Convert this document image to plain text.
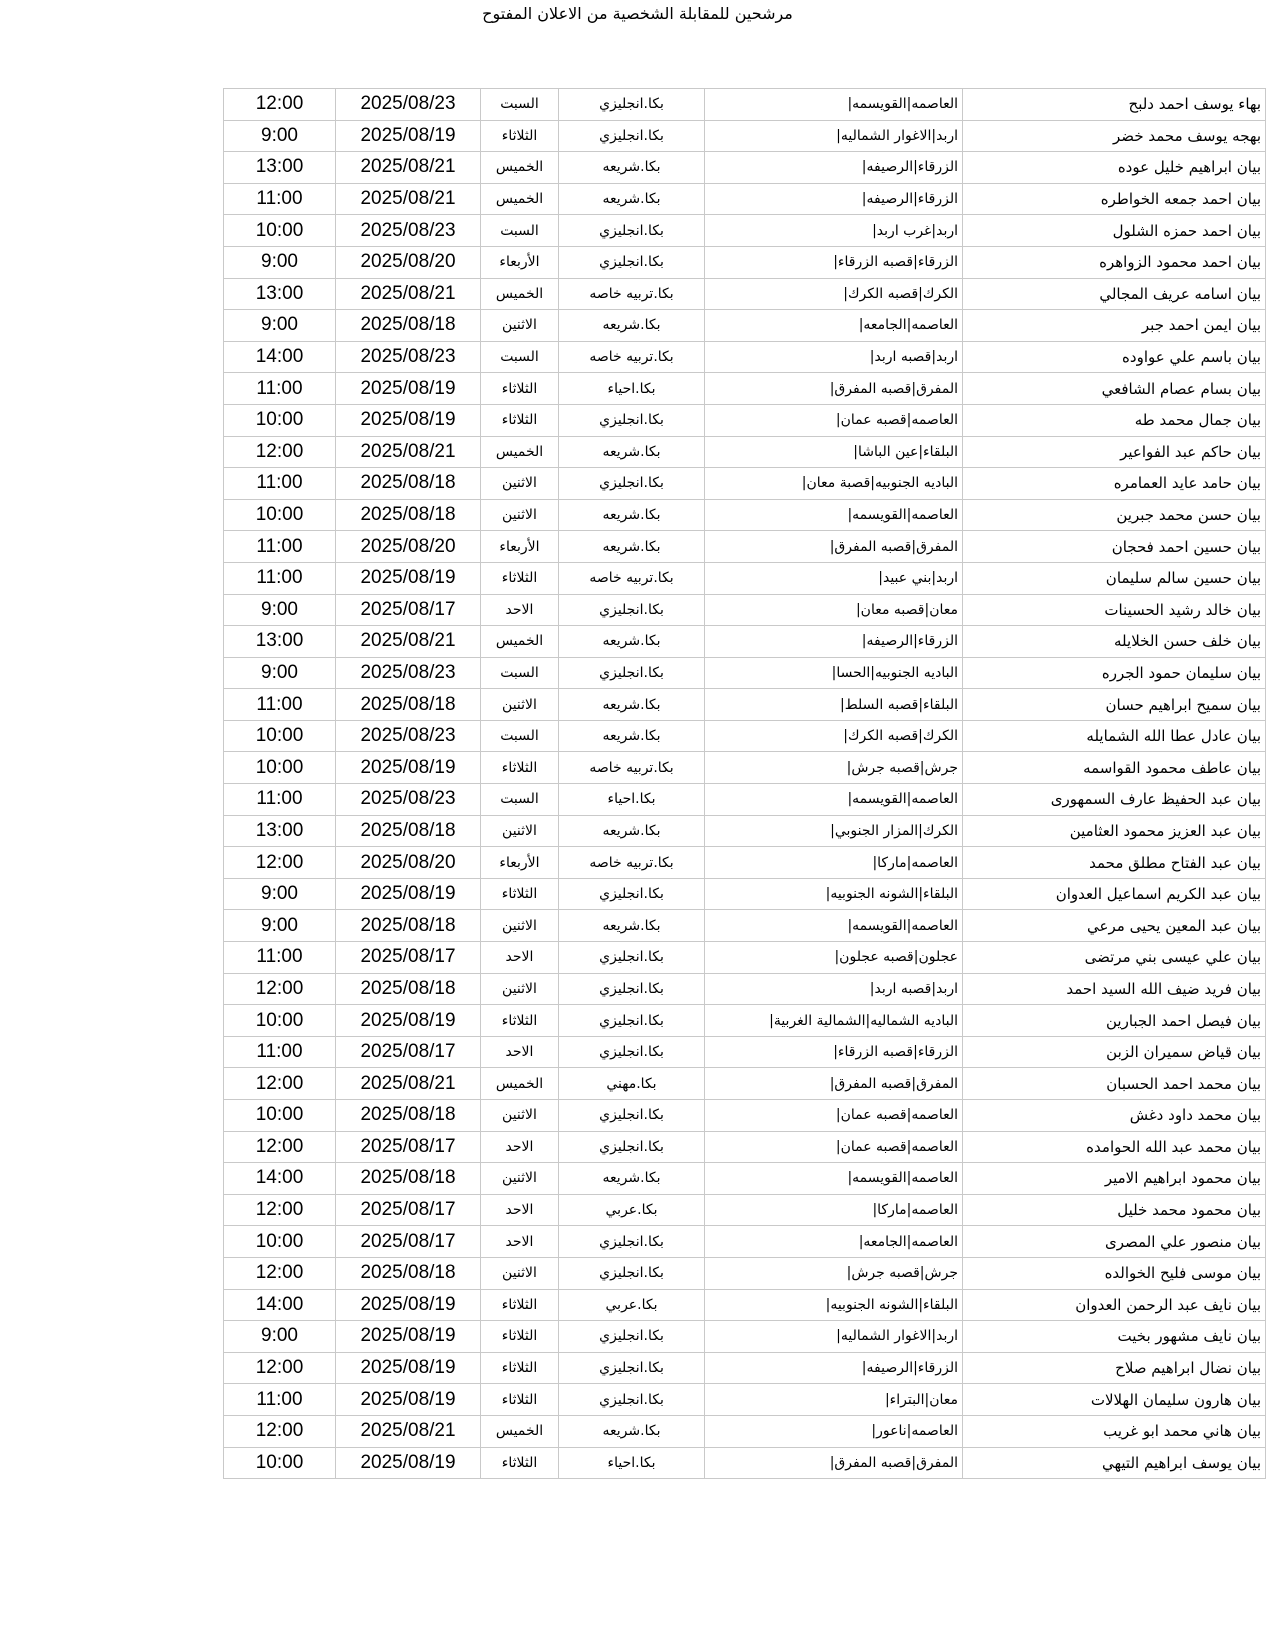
مرشحين للمقابلة الشخصية من الاعلان المفتوح
12:00	2025/08/23	السبت	بكا.انجليزي	العاصمه|القويسمه|	بهاء يوسف احمد دلبح
9:00	2025/08/19	الثلاثاء	بكا.انجليزي	اربد|الاغوار الشماليه|	بهجه يوسف محمد خضر
13:00	2025/08/21	الخميس	بكا.شريعه	الزرقاء|الرصيفه|	بيان ابراهيم خليل عوده
11:00	2025/08/21	الخميس	بكا.شريعه	الزرقاء|الرصيفه|	بيان احمد جمعه الخواطره
10:00	2025/08/23	السبت	بكا.انجليزي	اربد|غرب اربد|	بيان احمد حمزه الشلول
9:00	2025/08/20	الأربعاء	بكا.انجليزي	الزرقاء|قصبه الزرقاء|	بيان احمد محمود الزواهره
13:00	2025/08/21	الخميس	بكا.تربيه خاصه	الكرك|قصبه الكرك|	بيان اسامه عريف المجالي
9:00	2025/08/18	الاثنين	بكا.شريعه	العاصمه|الجامعه|	بيان ايمن احمد جبر
14:00	2025/08/23	السبت	بكا.تربيه خاصه	اربد|قصبه اربد|	بيان باسم علي عواوده
11:00	2025/08/19	الثلاثاء	بكا.احياء	المفرق|قصبه المفرق|	بيان بسام عصام الشافعي
10:00	2025/08/19	الثلاثاء	بكا.انجليزي	العاصمه|قصبه عمان|	بيان جمال محمد طه
12:00	2025/08/21	الخميس	بكا.شريعه	البلقاء|عين الباشا|	بيان حاكم عبد الفواعير
11:00	2025/08/18	الاثنين	بكا.انجليزي	الباديه الجنوبيه|قصبة معان|	بيان حامد عايد العمامره
10:00	2025/08/18	الاثنين	بكا.شريعه	العاصمه|القويسمه|	بيان حسن محمد جبرين
11:00	2025/08/20	الأربعاء	بكا.شريعه	المفرق|قصبه المفرق|	بيان حسين احمد فحجان
11:00	2025/08/19	الثلاثاء	بكا.تربيه خاصه	اربد|بني عبيد|	بيان حسين سالم سليمان
9:00	2025/08/17	الاحد	بكا.انجليزي	معان|قصبه معان|	بيان خالد رشيد الحسينات
13:00	2025/08/21	الخميس	بكا.شريعه	الزرقاء|الرصيفه|	بيان خلف حسن الخلايله
9:00	2025/08/23	السبت	بكا.انجليزي	الباديه الجنوبيه|الحسا|	بيان سليمان حمود الجرره
11:00	2025/08/18	الاثنين	بكا.شريعه	البلقاء|قصبه السلط|	بيان سميح ابراهيم حسان
10:00	2025/08/23	السبت	بكا.شريعه	الكرك|قصبه الكرك|	بيان عادل عطا الله الشمايله
10:00	2025/08/19	الثلاثاء	بكا.تربيه خاصه	جرش|قصبه جرش|	بيان عاطف محمود القواسمه
11:00	2025/08/23	السبت	بكا.احياء	العاصمه|القويسمه|	بيان عبد الحفيظ عارف السمهورى
13:00	2025/08/18	الاثنين	بكا.شريعه	الكرك|المزار الجنوبي|	بيان عبد العزيز محمود العثامين
12:00	2025/08/20	الأربعاء	بكا.تربيه خاصه	العاصمه|ماركا|	بيان عبد الفتاح مطلق محمد
9:00	2025/08/19	الثلاثاء	بكا.انجليزي	البلقاء|الشونه الجنوبيه|	بيان عبد الكريم اسماعيل العدوان
9:00	2025/08/18	الاثنين	بكا.شريعه	العاصمه|القويسمه|	بيان عبد المعين يحيى مرعي
11:00	2025/08/17	الاحد	بكا.انجليزي	عجلون|قصبه عجلون|	بيان علي عيسى بني مرتضى
12:00	2025/08/18	الاثنين	بكا.انجليزي	اربد|قصبه اربد|	بيان فريد ضيف الله السيد احمد
10:00	2025/08/19	الثلاثاء	بكا.انجليزي	الباديه الشماليه|الشمالية الغربية|	بيان فيصل احمد الجبارين
11:00	2025/08/17	الاحد	بكا.انجليزي	الزرقاء|قصبه الزرقاء|	بيان قياض سميران الزبن
12:00	2025/08/21	الخميس	بكا.مهني	المفرق|قصبه المفرق|	بيان محمد احمد الحسبان
10:00	2025/08/18	الاثنين	بكا.انجليزي	العاصمه|قصبه عمان|	بيان محمد داود دغش
12:00	2025/08/17	الاحد	بكا.انجليزي	العاصمه|قصبه عمان|	بيان محمد عبد الله الحوامده
14:00	2025/08/18	الاثنين	بكا.شريعه	العاصمه|القويسمه|	بيان محمود ابراهيم الامير
12:00	2025/08/17	الاحد	بكا.عربي	العاصمه|ماركا|	بيان محمود محمد خليل
10:00	2025/08/17	الاحد	بكا.انجليزي	العاصمه|الجامعه|	بيان منصور علي المصرى
12:00	2025/08/18	الاثنين	بكا.انجليزي	جرش|قصبه جرش|	بيان موسى فليح الخوالده
14:00	2025/08/19	الثلاثاء	بكا.عربي	البلقاء|الشونه الجنوبيه|	بيان نايف عبد الرحمن العدوان
9:00	2025/08/19	الثلاثاء	بكا.انجليزي	اربد|الاغوار الشماليه|	بيان نايف مشهور بخيت
12:00	2025/08/19	الثلاثاء	بكا.انجليزي	الزرقاء|الرصيفه|	بيان نضال ابراهيم صلاح
11:00	2025/08/19	الثلاثاء	بكا.انجليزي	معان|البتراء|	بيان هارون سليمان الهلالات
12:00	2025/08/21	الخميس	بكا.شريعه	العاصمه|ناعور|	بيان هاني محمد ابو غريب
10:00	2025/08/19	الثلاثاء	بكا.احياء	المفرق|قصبه المفرق|	بيان يوسف ابراهيم التيهي
